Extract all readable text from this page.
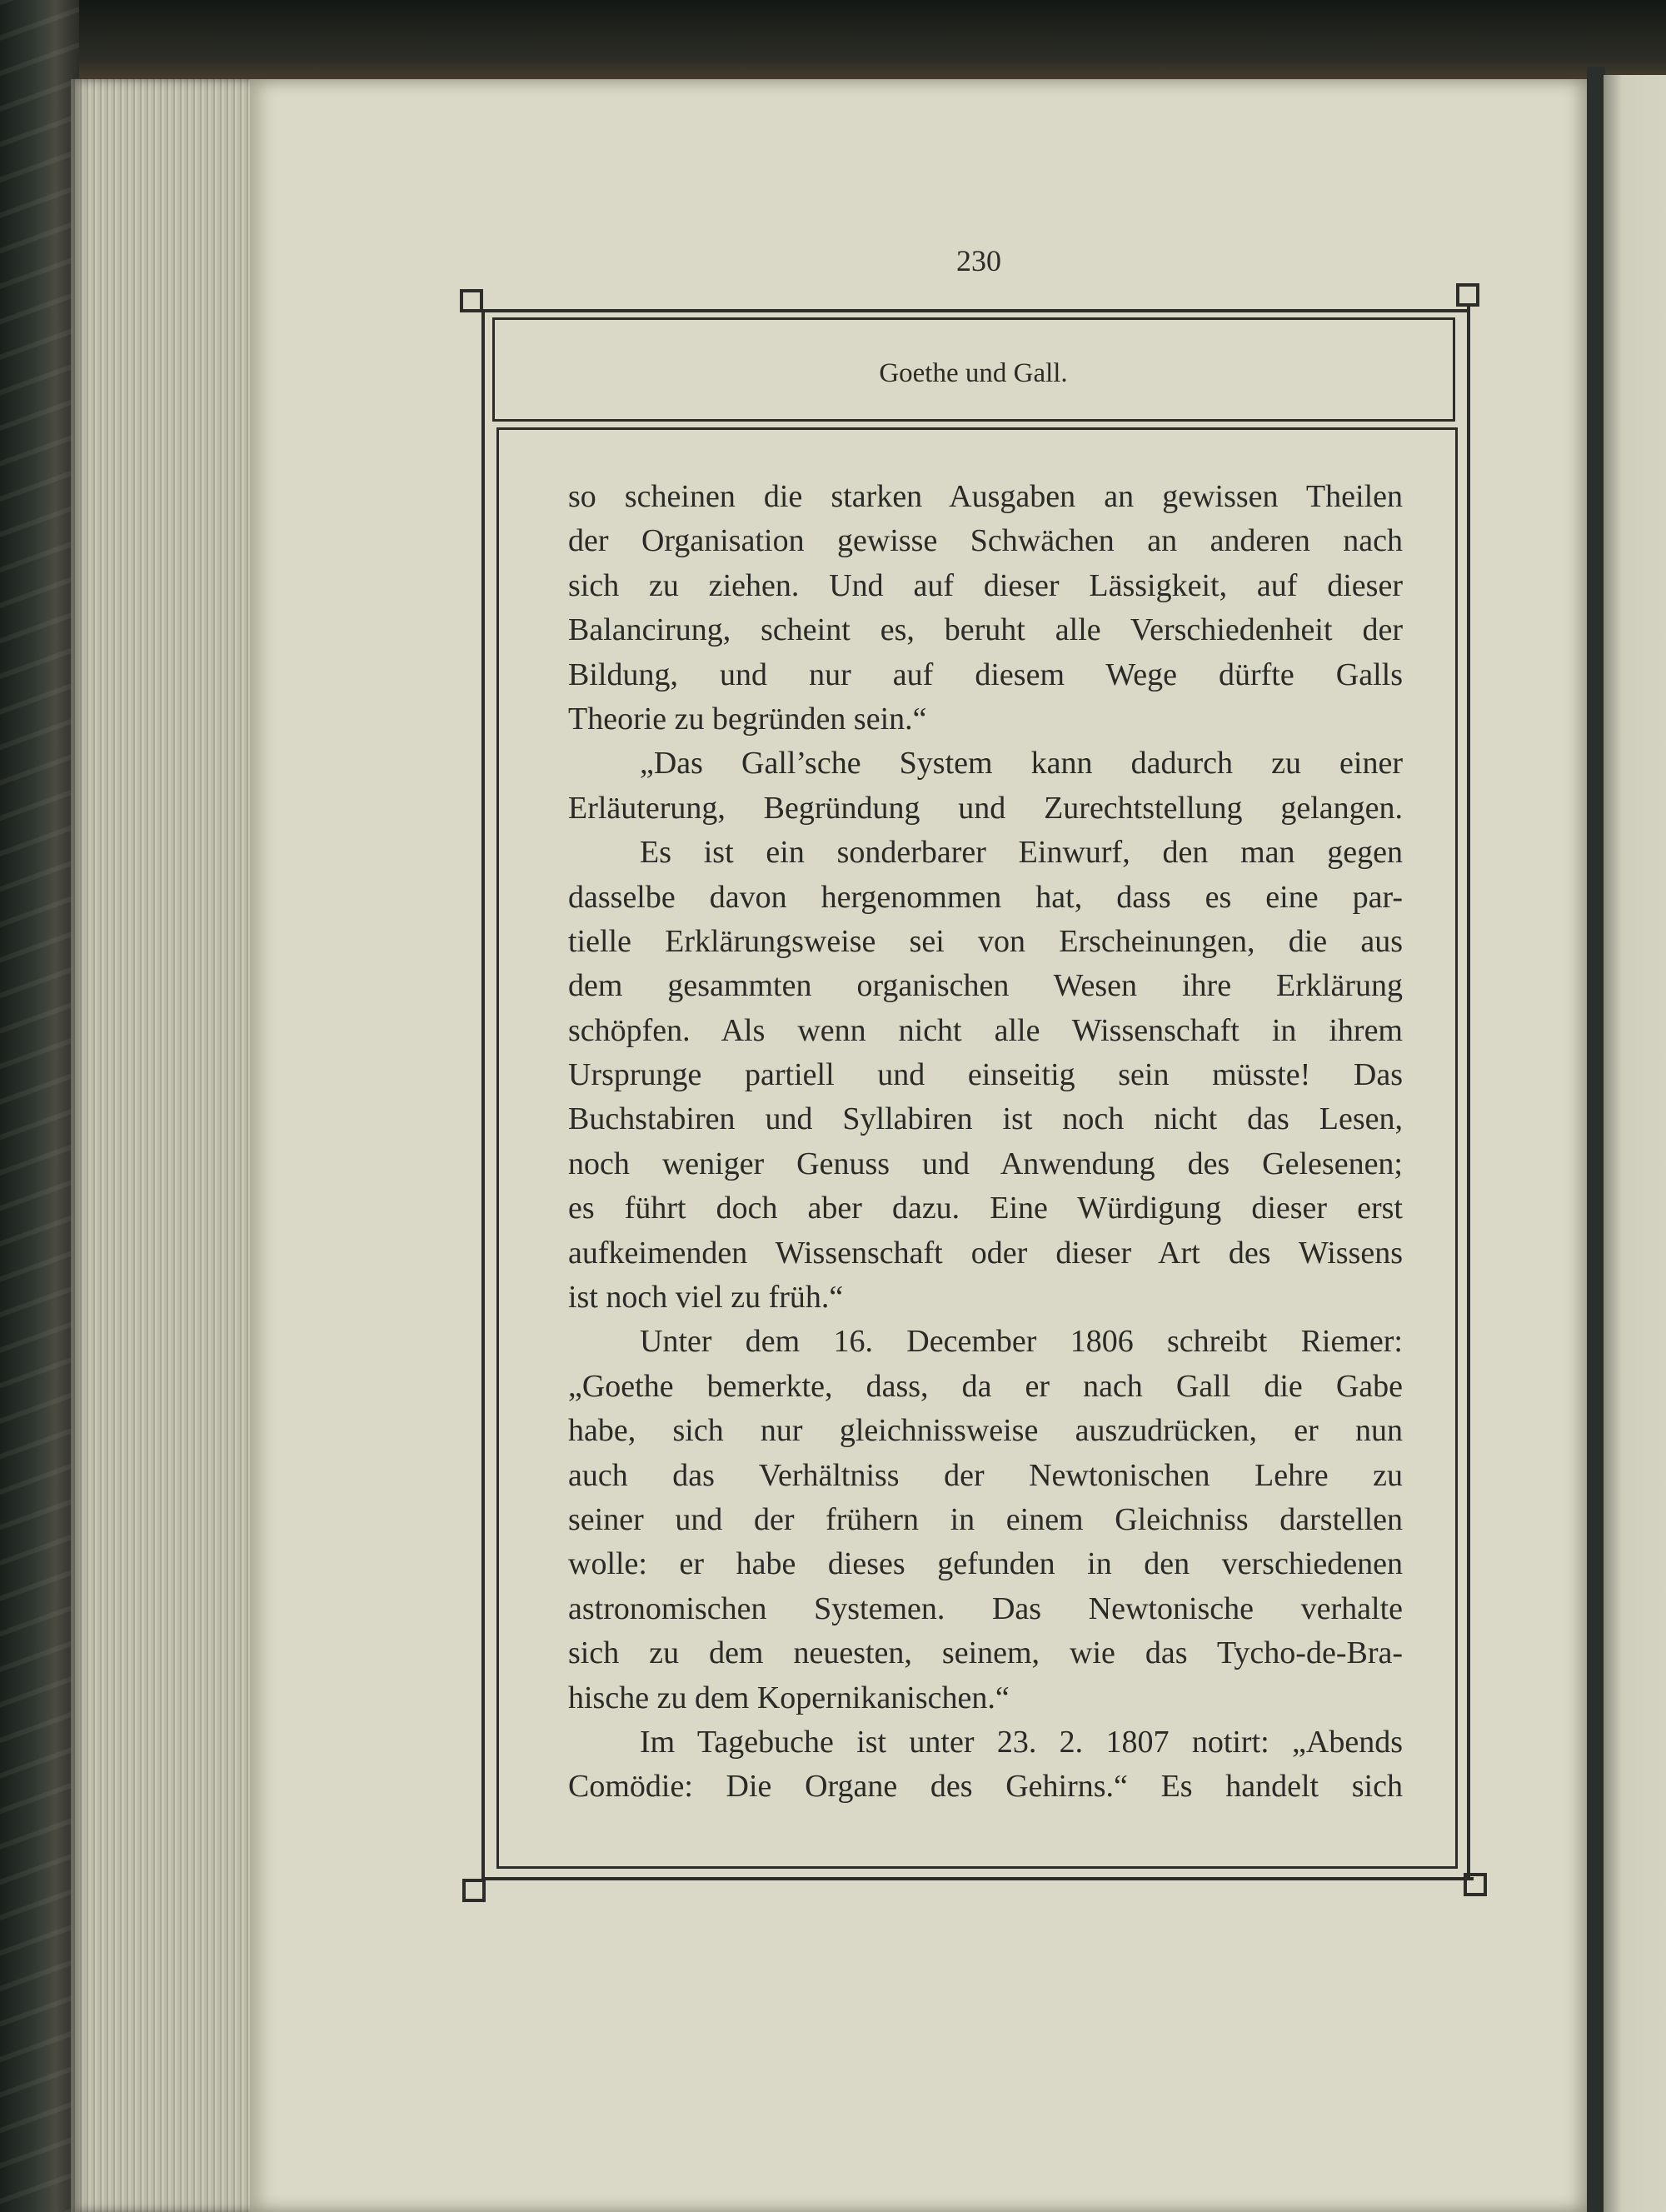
230
Goethe und Gall.
so scheinen die starken Ausgaben an gewissen Theilen
der Organisation gewisse Schwächen an anderen nach
sich zu ziehen. Und auf dieser Lässigkeit, auf dieser
Balancirung, scheint es, beruht alle Verschiedenheit der
Bildung, und nur auf diesem Wege dürfte Galls
Theorie zu begründen sein.“
„Das Gall’sche System kann dadurch zu einer
Erläuterung, Begründung und Zurechtstellung gelangen.
Es ist ein sonderbarer Einwurf, den man gegen
dasselbe davon hergenommen hat, dass es eine par-
tielle Erklärungsweise sei von Erscheinungen, die aus
dem gesammten organischen Wesen ihre Erklärung
schöpfen. Als wenn nicht alle Wissenschaft in ihrem
Ursprunge partiell und einseitig sein müsste! Das
Buchstabiren und Syllabiren ist noch nicht das Lesen,
noch weniger Genuss und Anwendung des Gelesenen;
es führt doch aber dazu. Eine Würdigung dieser erst
aufkeimenden Wissenschaft oder dieser Art des Wissens
ist noch viel zu früh.“
Unter dem 16. December 1806 schreibt Riemer:
„Goethe bemerkte, dass, da er nach Gall die Gabe
habe, sich nur gleichnissweise auszudrücken, er nun
auch das Verhältniss der Newtonischen Lehre zu
seiner und der frühern in einem Gleichniss darstellen
wolle: er habe dieses gefunden in den verschiedenen
astronomischen Systemen. Das Newtonische verhalte
sich zu dem neuesten, seinem, wie das Tycho-de-Bra-
hische zu dem Kopernikanischen.“
Im Tagebuche ist unter 23. 2. 1807 notirt: „Abends
Comödie: Die Organe des Gehirns.“ Es handelt sich
